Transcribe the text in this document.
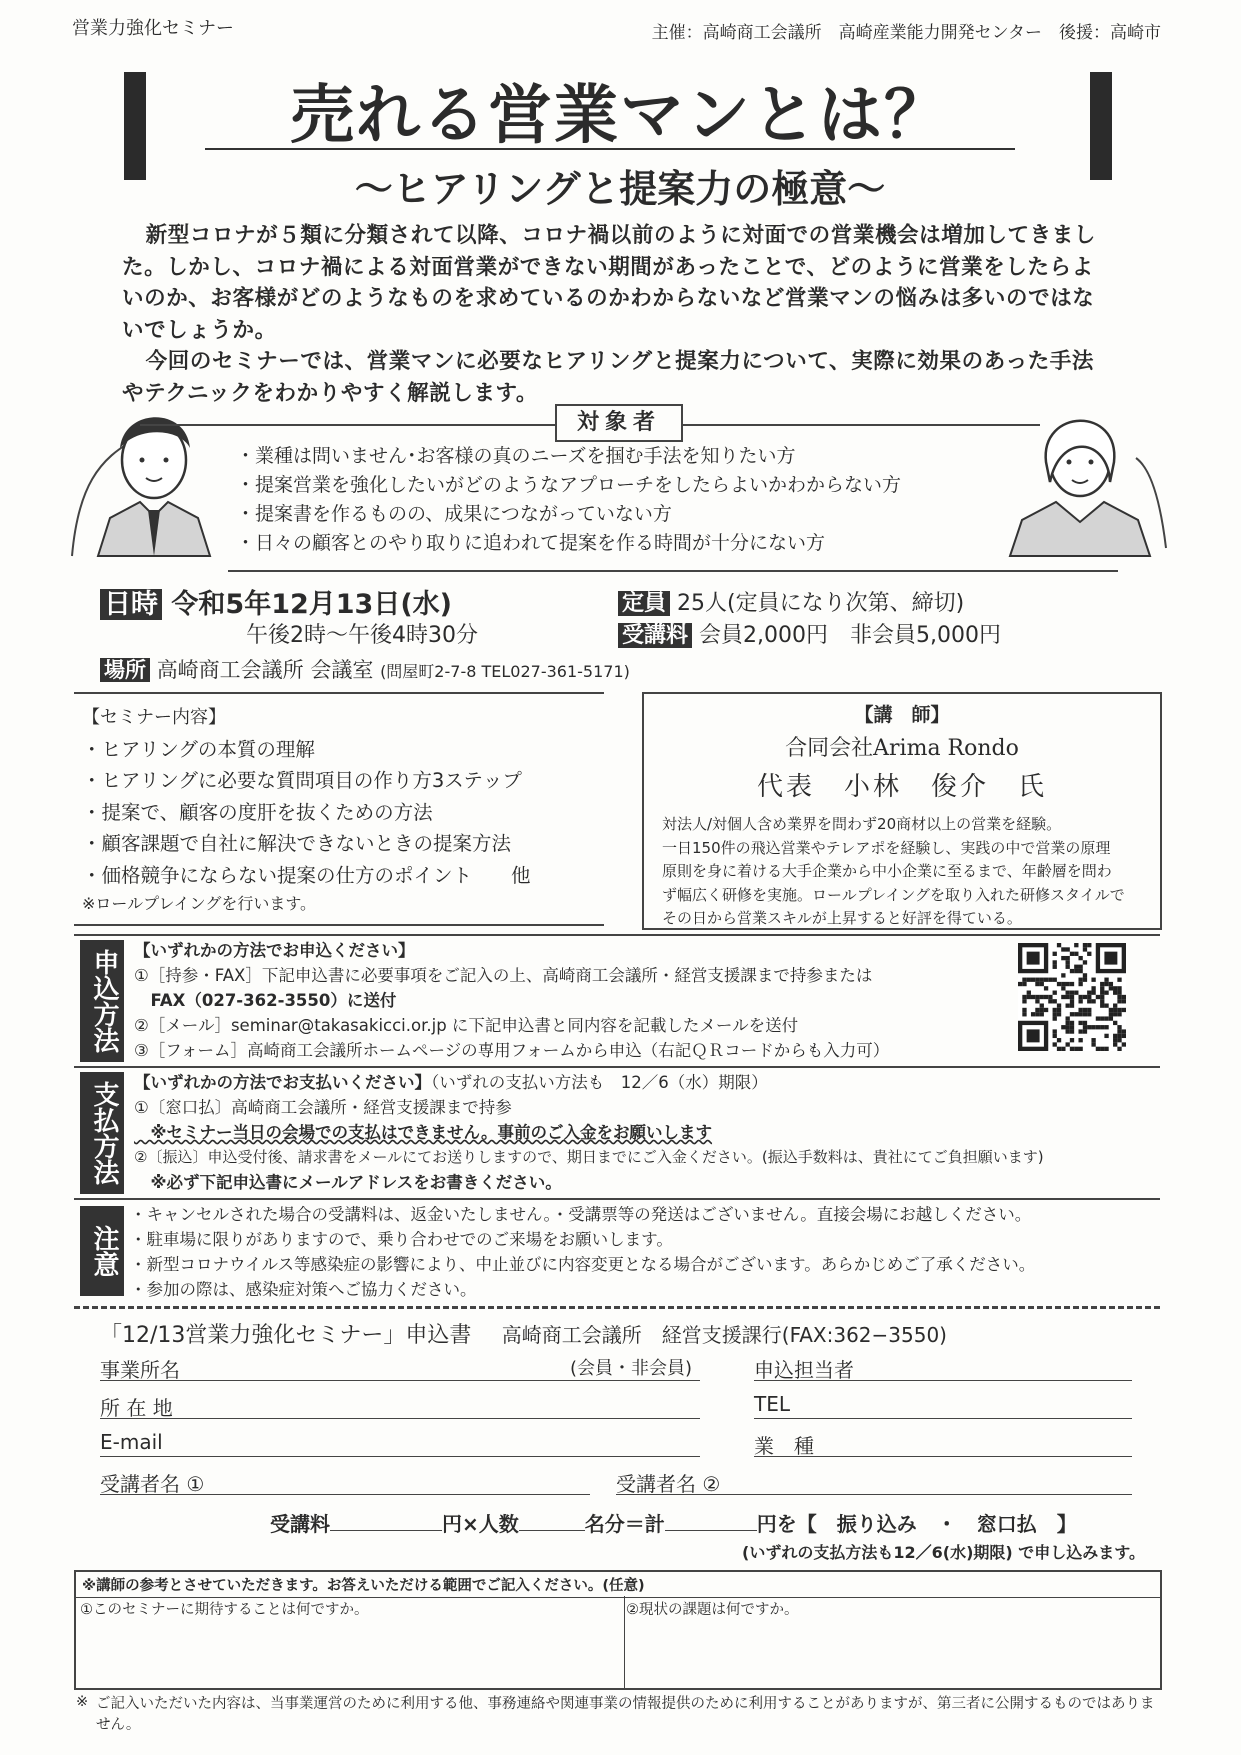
営業力強化セミナー	主催：高崎商工会議所　高崎産業能力開発センター　後援：高崎市
売れる営業マンとは？
〜ヒアリングと提案力の極意〜

新型コロナが５類に分類されて以降、コロナ禍以前のように対面での営業機会は増加してきました。しかし、コロナ禍による対面営業ができない期間があったことで、どのように営業をしたらよいのか、お客様がどのようなものを求めているのかわからないなど営業マンの悩みは多いのではないでしょうか。

今回のセミナーでは、営業マンに必要なヒアリングと提案力について、実際に効果のあった手法やテクニックをわかりやすく解説します。

対象者
・業種は問いません･お客様の真のニーズを掴む手法を知りたい方
・提案営業を強化したいがどのようなアプローチをしたらよいかわからない方
・提案書を作るものの、成果につながっていない方
・日々の顧客とのやり取りに追われて提案を作る時間が十分にない方
日時 令和5年12月13日(水)
午後2時〜午後4時30分
場所 高崎商工会議所 会議室 (問屋町2-7-8 TEL027-361-5171)
定員 25人(定員になり次第、締切)
受講料 会員2,000円　非会員5,000円
【セミナー内容】
・ヒアリングの本質の理解
・ヒアリングに必要な質問項目の作り方3ステップ
・提案で、顧客の度肝を抜くための方法
・顧客課題で自社に解決できないときの提案方法
・価格競争にならない提案の仕方のポイント　　他
※ロールプレイングを行います。
【講　師】
合同会社Arima Rondo
代表　小林　俊介　氏
対法人/対個人含め業界を問わず20商材以上の営業を経験。
一日150件の飛込営業やテレアポを経験し、実践の中で営業の原理
原則を身に着ける大手企業から中小企業に至るまで、年齢層を問わ
ず幅広く研修を実施。ロールプレイングを取り入れた研修スタイルで
その日から営業スキルが上昇すると好評を得ている。
申込方法 【いずれかの方法でお申込ください】
①［持参・FAX］下記申込書に必要事項をご記入の上、高崎商工会議所・経営支援課まで持参または
　FAX（027-362-3550）に送付
②［メール］seminar@takasakicci.or.jp に下記申込書と同内容を記載したメールを送付
③［フォーム］高崎商工会議所ホームページの専用フォームから申込（右記ＱＲコードからも入力可）
支払方法 【いずれかの方法でお支払いください】（いずれの支払い方法も　12／6（水）期限）
①〔窓口払〕高崎商工会議所・経営支援課まで持参
　※セミナー当日の会場での支払はできません。事前のご入金をお願いします
②〔振込〕申込受付後、請求書をメールにてお送りしますので、期日までにご入金ください。(振込手数料は、貴社にてご負担願います)
　※必ず下記申込書にメールアドレスをお書きください。
注意
・キャンセルされた場合の受講料は、返金いたしません。・受講票等の発送はございません。直接会場にお越しください。
・駐車場に限りがありますので、乗り合わせでのご来場をお願いします。
・新型コロナウイルス等感染症の影響により、中止並びに内容変更となる場合がございます。あらかじめご了承ください。
・参加の際は、感染症対策へご協力ください。
「12/13営業力強化セミナー」申込書 高崎商工会議所　経営支援課行(FAX:362−3550)
事業所名	(会員・非会員)	申込担当者
所 在 地	TEL
E-mail	業　種
受講者名 ①	受講者名 ②
受講料	円×人数	名分＝計	円を【　振り込み　・　窓口払　】
(いずれの支払方法も12／6(水)期限) で申し込みます。
※講師の参考とさせていただきます。お答えいただける範囲でご記入ください。(任意)
①このセミナーに期待することは何ですか。	②現状の課題は何ですか。
※ ご記入いただいた内容は、当事業運営のために利用する他、事務連絡や関連事業の情報提供のために利用することがありますが、第三者に公開するものではありません。
